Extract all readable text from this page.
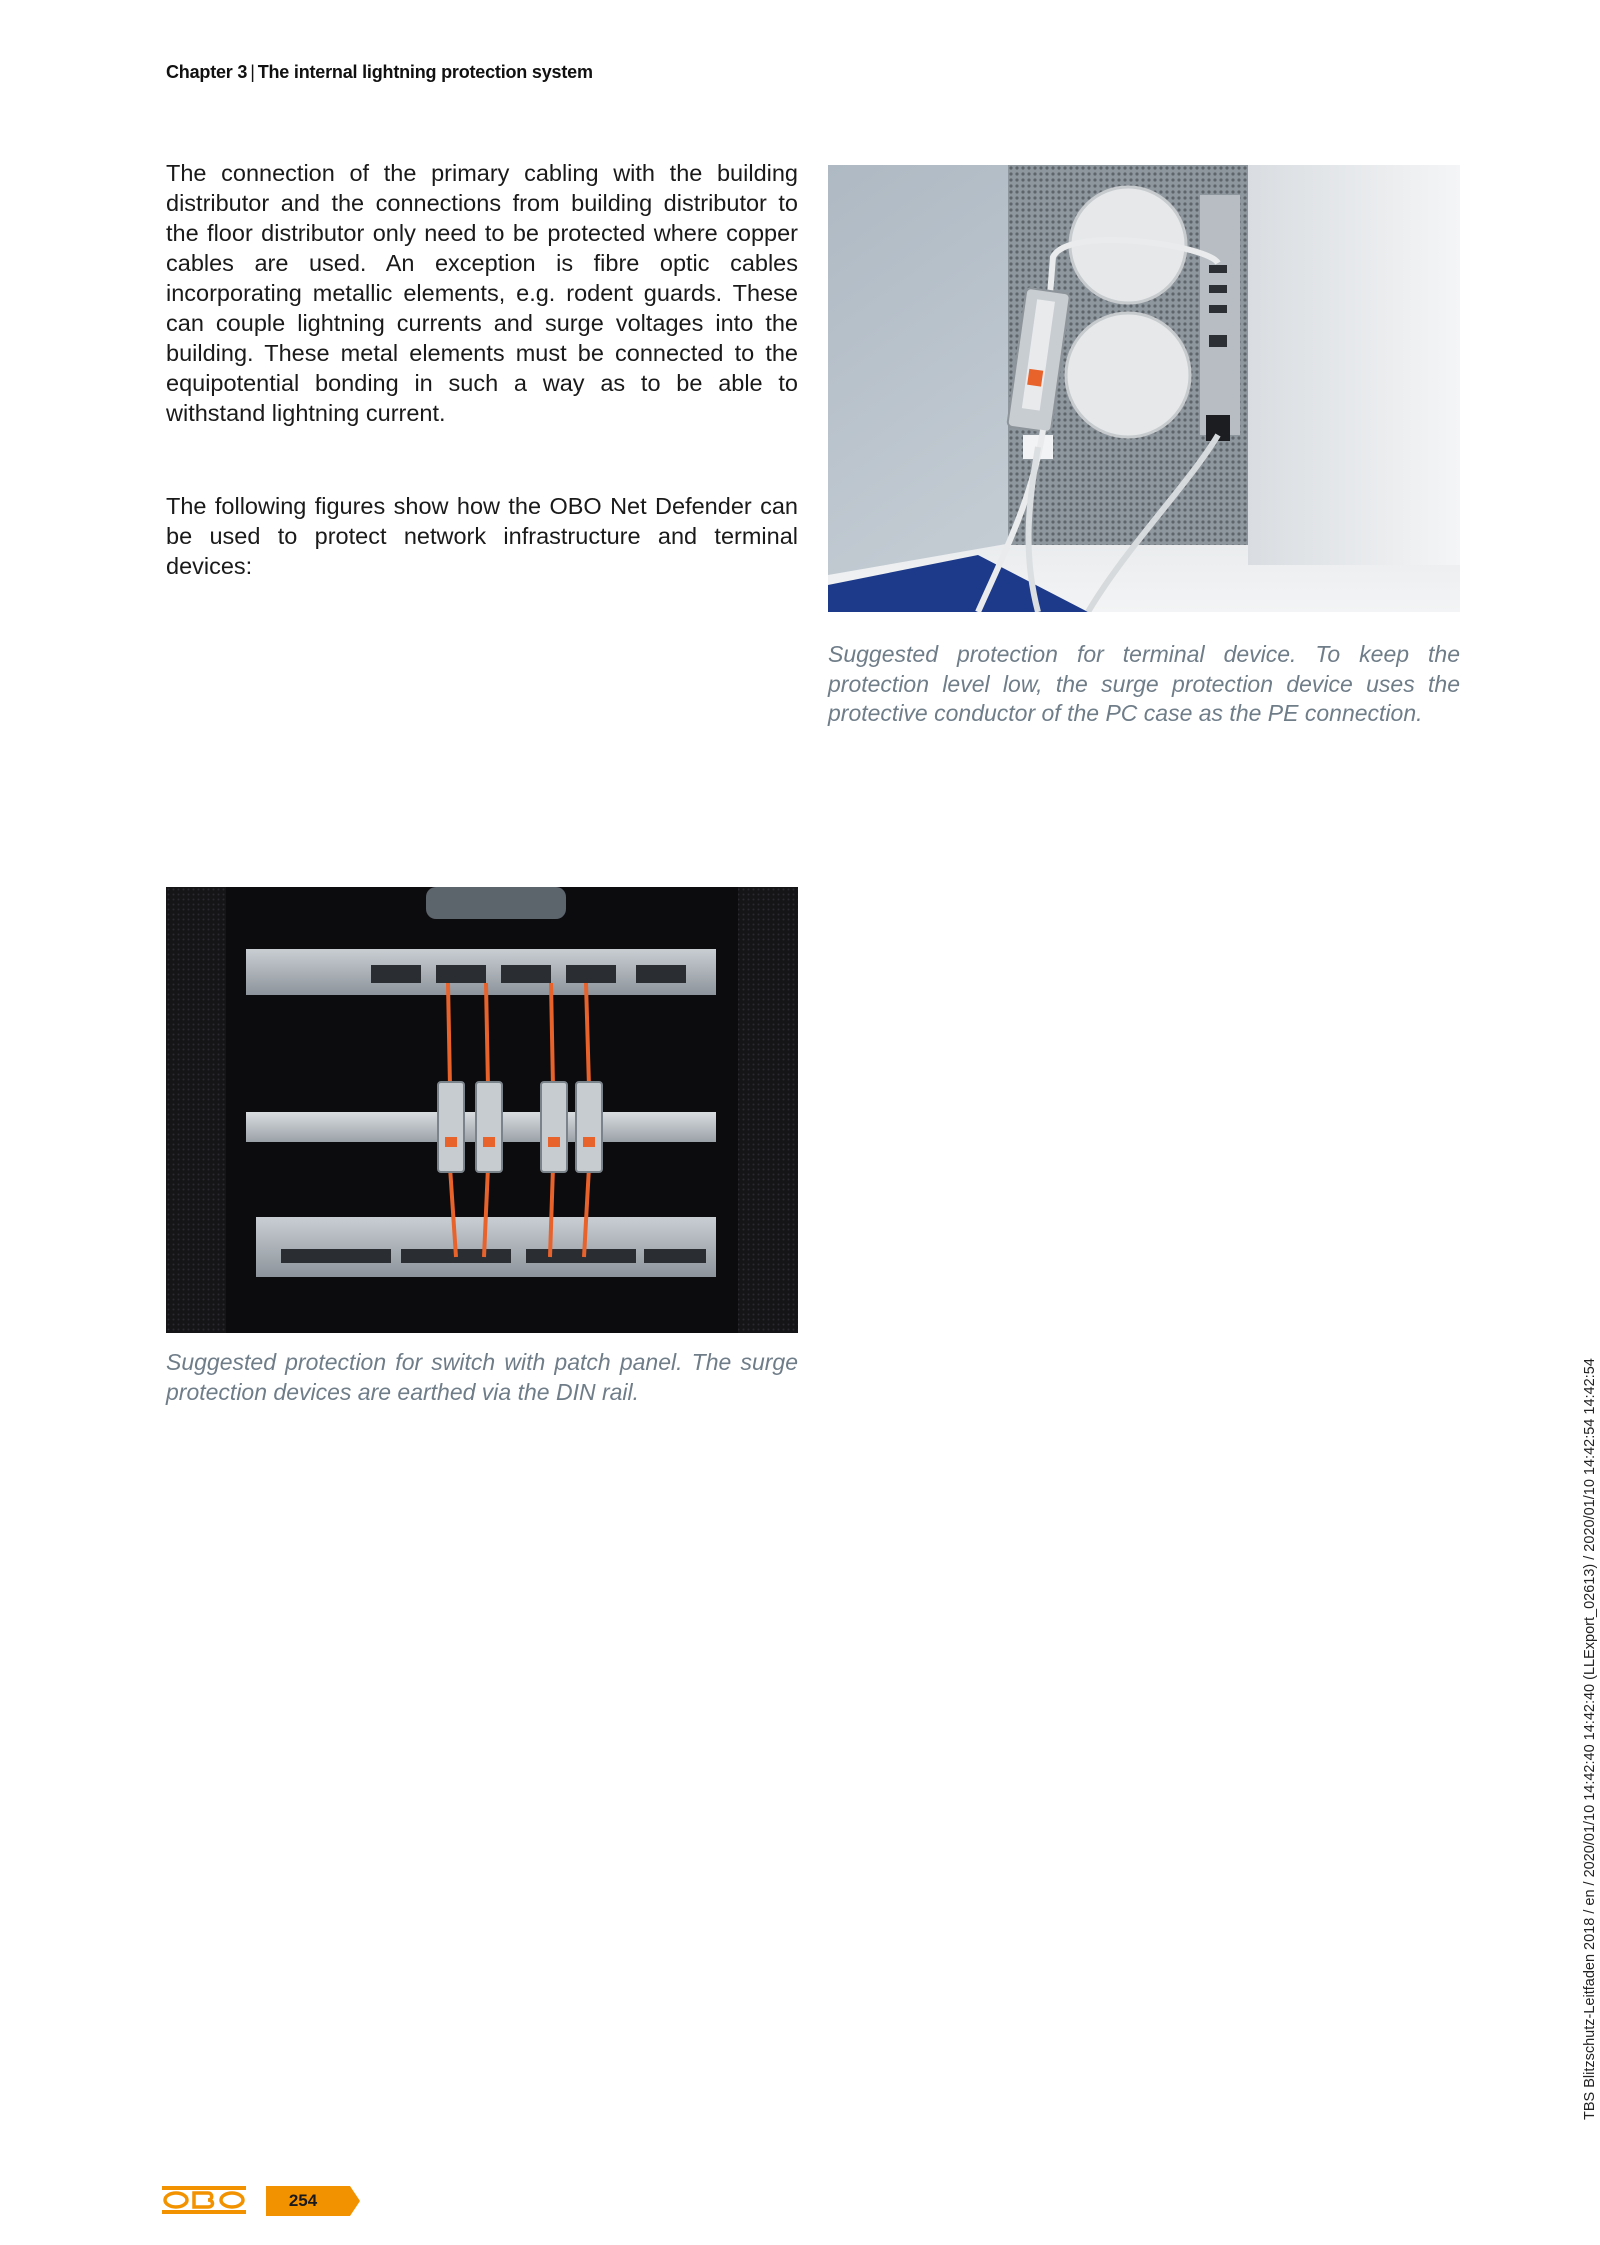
Chapter 3 | The internal lightning protection system
The connection of the primary cabling with the building distributor and the connections from building distributor to the floor distributor only need to be protected where copper cables are used. An exception is fibre optic cables incorporating metallic elements, e.g. rodent guards. These can couple lightning currents and surge voltages into the building. These metal elements must be connected to the equipotential bonding in such a way as to be able to withstand lightning current.
The following figures show how the OBO Net Defender can be used to protect network infrastructure and terminal devices:
Suggested protection for terminal device. To keep the protection level low, the surge protection device uses the protective conductor of the PC case as the PE connection.
Suggested protection for switch with patch panel. The surge protection devices are earthed via the DIN rail.	TBS Blitzschutz-Leitfaden 2018 / en / 2020/01/10 14:42:40 14:42:40 (LLExport_02613) / 2020/01/10 14:42:54 14:42:54
254
